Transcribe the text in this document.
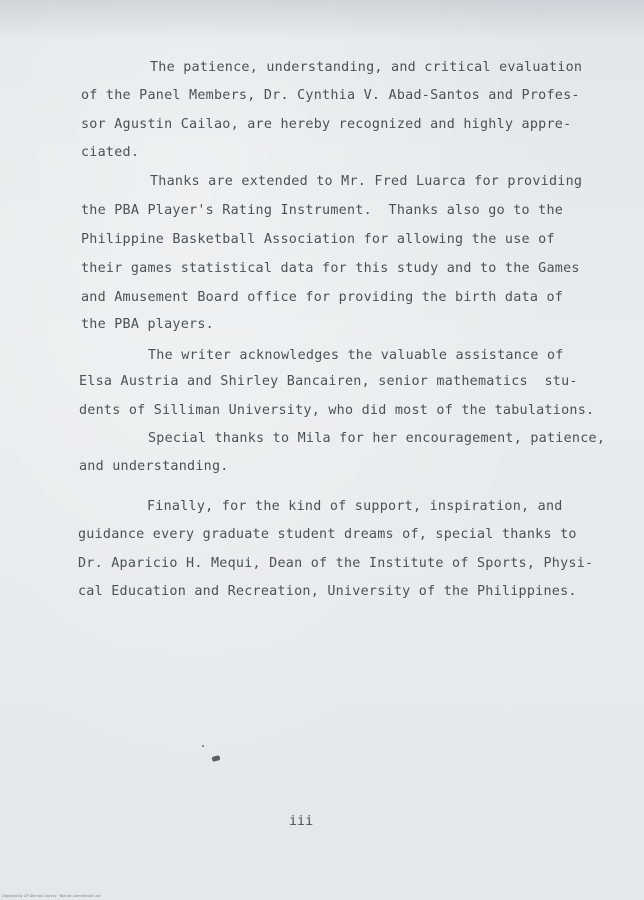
The patience, understanding, and critical evaluation
of the Panel Members, Dr. Cynthia V. Abad-Santos and Profes-
sor Agustin Cailao, are hereby recognized and highly appre-
ciated.
Thanks are extended to Mr. Fred Luarca for providing
the PBA Player's Rating Instrument.  Thanks also go to the
Philippine Basketball Association for allowing the use of
their games statistical data for this study and to the Games
and Amusement Board office for providing the birth data of
the PBA players.
The writer acknowledges the valuable assistance of
Elsa Austria and Shirley Bancairen, senior mathematics  stu-
dents of Silliman University, who did most of the tabulations.
Special thanks to Mila for her encouragement, patience,
and understanding.
Finally, for the kind of support, inspiration, and
guidance every graduate student dreams of, special thanks to
Dr. Aparicio H. Mequi, Dean of the Institute of Sports, Physi-
cal Education and Recreation, University of the Philippines.
iii
Digitized by UP Diliman Library · Not for commercial use
